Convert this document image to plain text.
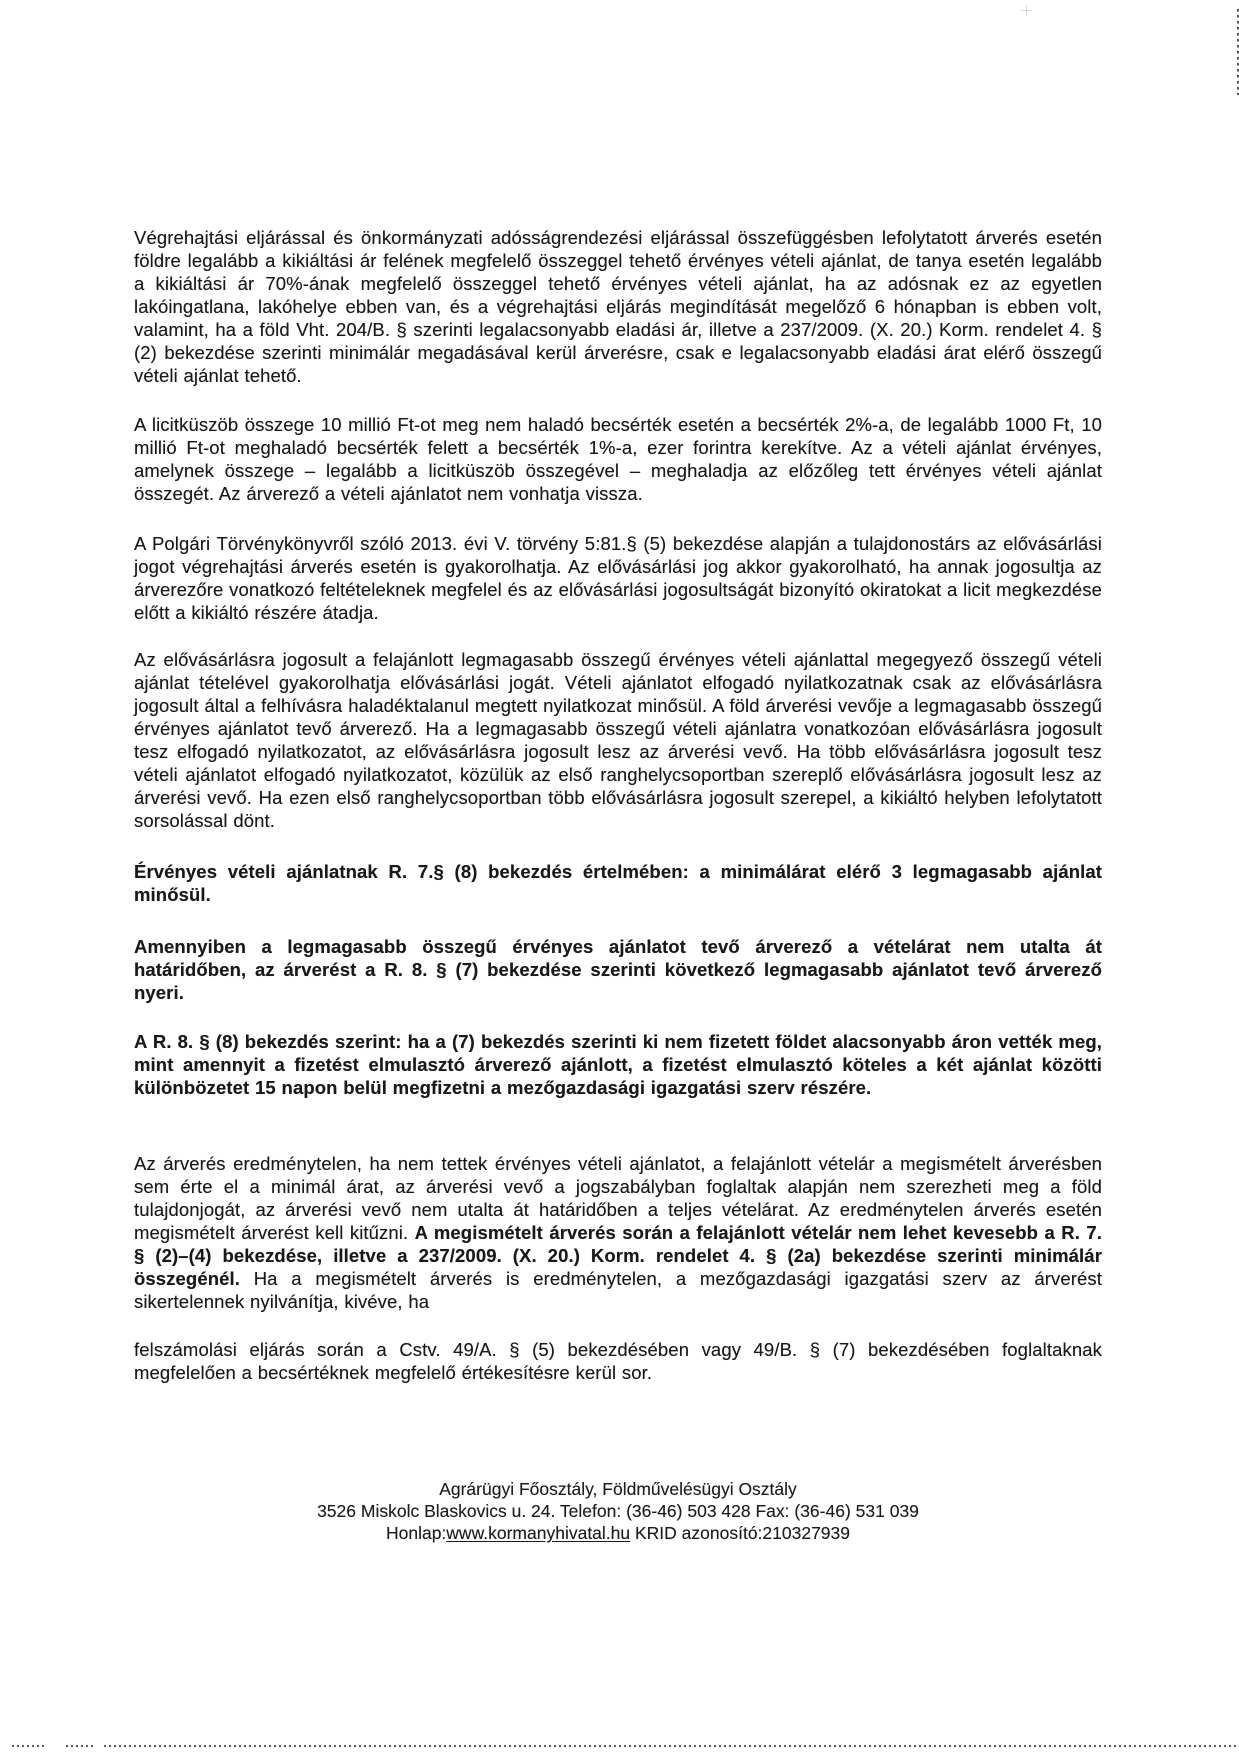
Végrehajtási eljárással és önkormányzati adósságrendezési eljárással összefüggésben lefolytatott árverés esetén földre legalább a kikiáltási ár felének megfelelő összeggel tehető érvényes vételi ajánlat, de tanya esetén legalább a kikiáltási ár 70%-ának megfelelő összeggel tehető érvényes vételi ajánlat, ha az adósnak ez az egyetlen lakóingatlana, lakóhelye ebben van, és a végrehajtási eljárás megindítását megelőző 6 hónapban is ebben volt, valamint, ha a föld Vht. 204/B. § szerinti legalacsonyabb eladási ár, illetve a 237/2009. (X. 20.) Korm. rendelet 4. § (2) bekezdése szerinti minimálár megadásával kerül árverésre, csak e legalacsonyabb eladási árat elérő összegű vételi ajánlat tehető.

A licitküszöb összege 10 millió Ft-ot meg nem haladó becsérték esetén a becsérték 2%-a, de legalább 1000 Ft, 10 millió Ft-ot meghaladó becsérték felett a becsérték 1%-a, ezer forintra kerekítve. Az a vételi ajánlat érvényes, amelynek összege – legalább a licitküszöb összegével – meghaladja az előzőleg tett érvényes vételi ajánlat összegét. Az árverező a vételi ajánlatot nem vonhatja vissza.

A Polgári Törvénykönyvről szóló 2013. évi V. törvény 5:81.§ (5) bekezdése alapján a tulajdonostárs az elővásárlási jogot végrehajtási árverés esetén is gyakorolhatja. Az elővásárlási jog akkor gyakorolható, ha annak jogosultja az árverezőre vonatkozó feltételeknek megfelel és az elővásárlási jogosultságát bizonyító okiratokat a licit megkezdése előtt a kikiáltó részére átadja.

Az elővásárlásra jogosult a felajánlott legmagasabb összegű érvényes vételi ajánlattal megegyező összegű vételi ajánlat tételével gyakorolhatja elővásárlási jogát. Vételi ajánlatot elfogadó nyilatkozatnak csak az elővásárlásra jogosult által a felhívásra haladéktalanul megtett nyilatkozat minősül. A föld árverési vevője a legmagasabb összegű érvényes ajánlatot tevő árverező. Ha a legmagasabb összegű vételi ajánlatra vonatkozóan elővásárlásra jogosult tesz elfogadó nyilatkozatot, az elővásárlásra jogosult lesz az árverési vevő. Ha több elővásárlásra jogosult tesz vételi ajánlatot elfogadó nyilatkozatot, közülük az első ranghelycsoportban szereplő elővásárlásra jogosult lesz az árverési vevő. Ha ezen első ranghelycsoportban több elővásárlásra jogosult szerepel, a kikiáltó helyben lefolytatott sorsolással dönt.

Érvényes vételi ajánlatnak R. 7.§ (8) bekezdés értelmében: a minimálárat elérő 3 legmagasabb ajánlat minősül.

Amennyiben a legmagasabb összegű érvényes ajánlatot tevő árverező a vételárat nem utalta át határidőben, az árverést a R. 8. § (7) bekezdése szerinti következő legmagasabb ajánlatot tevő árverező nyeri.

A R. 8. § (8) bekezdés szerint: ha a (7) bekezdés szerinti ki nem fizetett földet alacsonyabb áron vették meg, mint amennyit a fizetést elmulasztó árverező ajánlott, a fizetést elmulasztó köteles a két ajánlat közötti különbözetet 15 napon belül megfizetni a mezőgazdasági igazgatási szerv részére.

Az árverés eredménytelen, ha nem tettek érvényes vételi ajánlatot, a felajánlott vételár a megismételt árverésben sem érte el a minimál árat, az árverési vevő a jogszabályban foglaltak alapján nem szerezheti meg a föld tulajdonjogát, az árverési vevő nem utalta át határidőben a teljes vételárat. Az eredménytelen árverés esetén megismételt árverést kell kitűzni. A megismételt árverés során a felajánlott vételár nem lehet kevesebb a R. 7. § (2)–(4) bekezdése, illetve a 237/2009. (X. 20.) Korm. rendelet 4. § (2a) bekezdése szerinti minimálár összegénél. Ha a megismételt árverés is eredménytelen, a mezőgazdasági igazgatási szerv az árverést sikertelennek nyilvánítja, kivéve, ha

felszámolási eljárás során a Cstv. 49/A. § (5) bekezdésében vagy 49/B. § (7) bekezdésében foglaltaknak megfelelően a becsértéknek megfelelő értékesítésre kerül sor.

Agrárügyi Főosztály, Földművelésügyi Osztály
3526 Miskolc Blaskovics u. 24. Telefon: (36-46) 503 428 Fax: (36-46) 531 039
Honlap:www.kormanyhivatal.hu KRID azonosító:210327939
